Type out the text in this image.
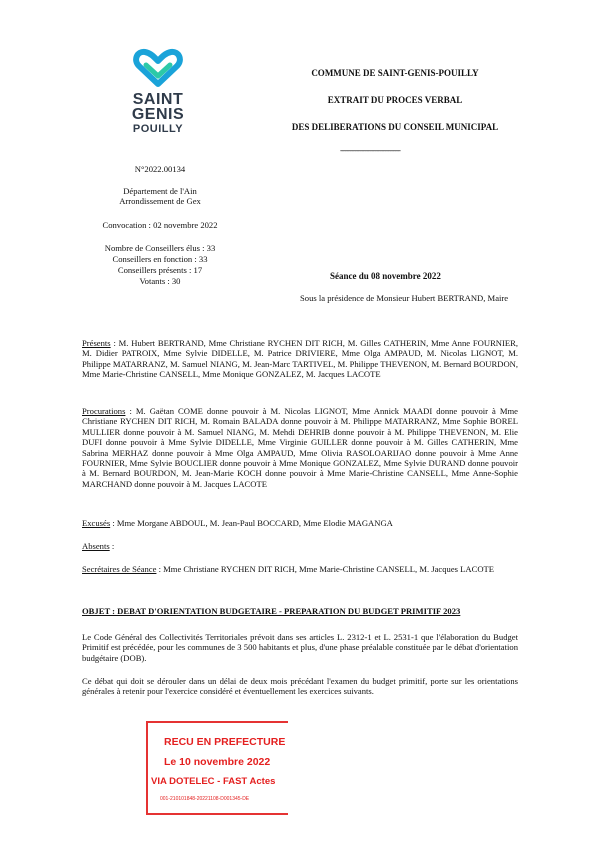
SAINT
GENIS
POUILLY
COMMUNE DE SAINT-GENIS-POUILLY
EXTRAIT DU PROCES VERBAL
DES DELIBERATIONS DU CONSEIL MUNICIPAL
------------------------------------
N°2022.00134
Département de l'Ain
Arrondissement de Gex
Convocation : 02 novembre 2022
Nombre de Conseillers élus : 33
Conseillers en fonction : 33
Conseillers présents : 17
Votants : 30	Séance du 08 novembre 2022
Sous la présidence de Monsieur Hubert BERTRAND, Maire
Présents : M. Hubert BERTRAND, Mme Christiane RYCHEN DIT RICH, M. Gilles CATHERIN, Mme Anne FOURNIER, M. Didier PATROIX, Mme Sylvie DIDELLE, M. Patrice DRIVIERE, Mme Olga AMPAUD, M. Nicolas LIGNOT, M. Philippe MATARRANZ, M. Samuel NIANG, M. Jean-Marc TARTIVEL, M. Philippe THEVENON, M. Bernard BOURDON, Mme Marie-Christine CANSELL, Mme Monique GONZALEZ, M. Jacques LACOTE
Procurations : M. Gaëtan COME donne pouvoir à M. Nicolas LIGNOT, Mme Annick MAADI donne pouvoir à Mme Christiane RYCHEN DIT RICH, M. Romain BALADA donne pouvoir à M. Philippe MATARRANZ, Mme Sophie BOREL MULLIER donne pouvoir à M. Samuel NIANG, M. Mehdi DEHRIB donne pouvoir à M. Philippe THEVENON, M. Elie DUFI donne pouvoir à Mme Sylvie DIDELLE, Mme Virginie GUILLER donne pouvoir à M. Gilles CATHERIN, Mme Sabrina MERHAZ donne pouvoir à Mme Olga AMPAUD, Mme Olivia RASOLOARIJAO donne pouvoir à Mme Anne FOURNIER, Mme Sylvie BOUCLIER donne pouvoir à Mme Monique GONZALEZ, Mme Sylvie DURAND donne pouvoir à M. Bernard BOURDON, M. Jean-Marie KOCH donne pouvoir à Mme Marie-Christine CANSELL, Mme Anne-Sophie MARCHAND donne pouvoir à M. Jacques LACOTE
Excusés : Mme Morgane ABDOUL, M. Jean-Paul BOCCARD, Mme Elodie MAGANGA
Absents :
Secrétaires de Séance : Mme Christiane RYCHEN DIT RICH, Mme Marie-Christine CANSELL, M. Jacques LACOTE
OBJET : DEBAT D'ORIENTATION BUDGETAIRE - PREPARATION DU BUDGET PRIMITIF 2023
Le Code Général des Collectivités Territoriales prévoit dans ses articles L. 2312-1 et L. 2531-1 que l'élaboration du Budget Primitif est précédée, pour les communes de 3 500 habitants et plus, d'une phase préalable constituée par le débat d'orientation budgétaire (DOB).
Ce débat qui doit se dérouler dans un délai de deux mois précédant l'examen du budget primitif, porte sur les orientations générales à retenir pour l'exercice considéré et éventuellement les exercices suivants.
RECU EN PREFECTURE
Le 10 novembre 2022
VIA DOTELEC - FAST Actes
001-210101848-20221108-D001345-DE
